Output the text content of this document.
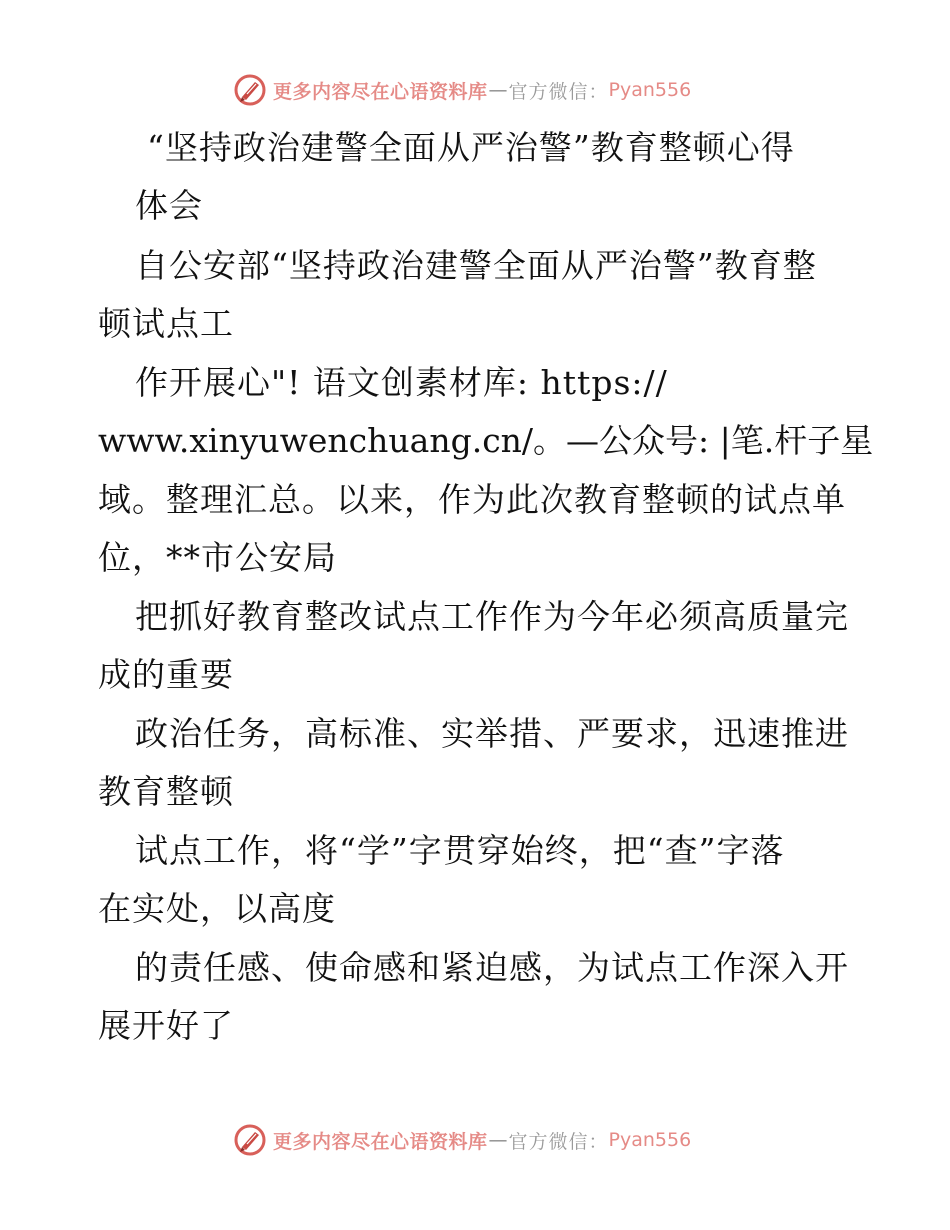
更多内容尽在心语资料库 — 官方微信： Pyan556
“坚持政治建警全面从严治警”教育整顿心得
体会
自公安部“坚持政治建警全面从严治警”教育整
顿试点工
作开展心"! 语文创素材库: https://
www.xinyuwenchuang.cn/。—公众号: |笔.杆子星
域。整理汇总。以来，作为此次教育整顿的试点单
位，**市公安局
把抓好教育整改试点工作作为今年必须高质量完
成的重要
政治任务，高标准、实举措、严要求，迅速推进
教育整顿
试点工作，将“学”字贯穿始终，把“查”字落
在实处，以高度
的责任感、使命感和紧迫感，为试点工作深入开
展开好了
更多内容尽在心语资料库 — 官方微信： Pyan556
